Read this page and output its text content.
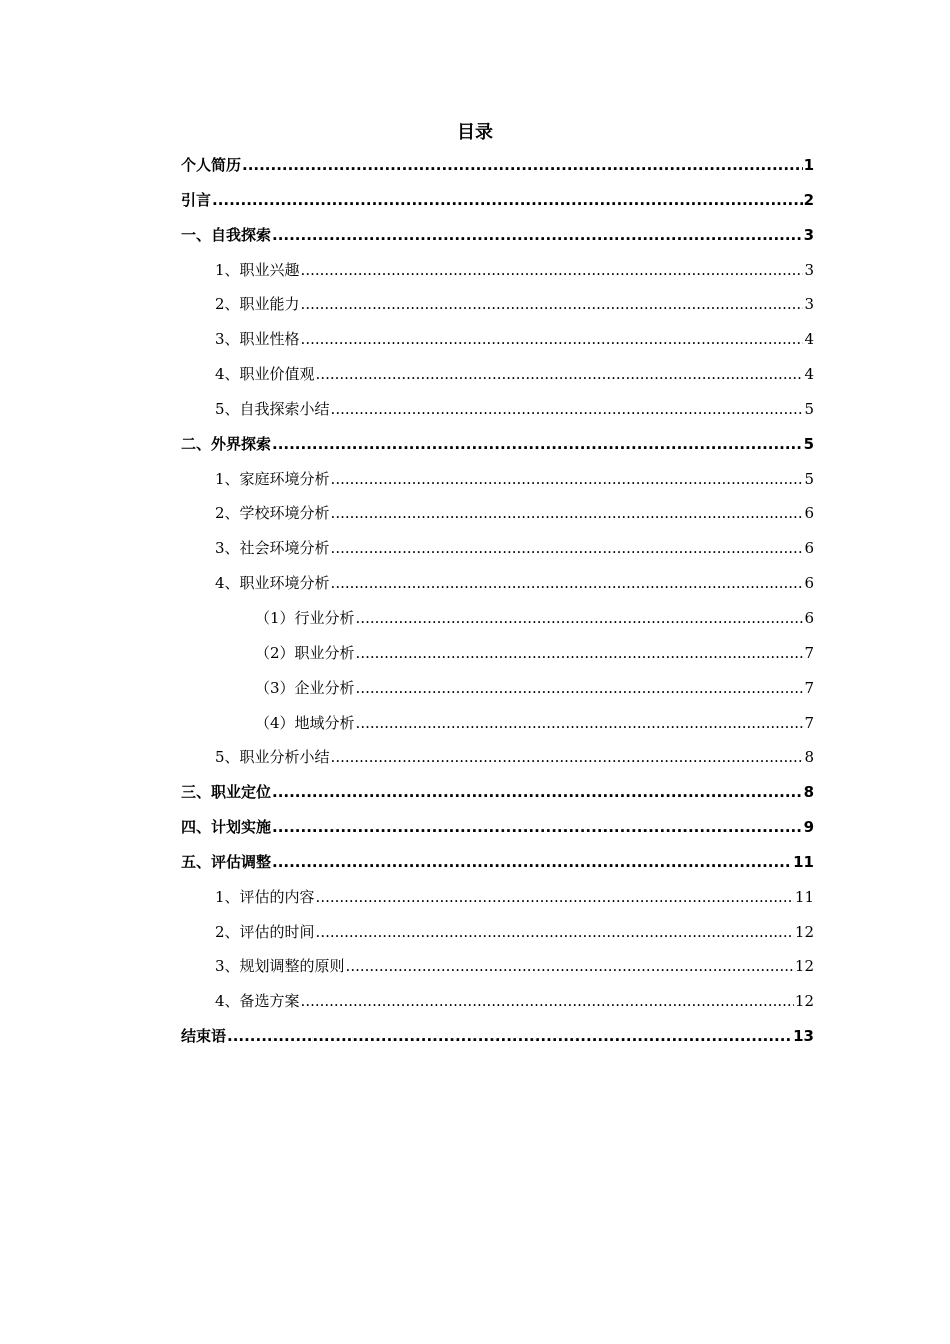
目录
个人简历 .....	1
引言 .....	2
一、自我探索 .....	3
1、职业兴趣 .....	3
2、职业能力 .....	3
3、职业性格 .....	4
4、职业价值观 .....	4
5、自我探索小结 .....	5
二、外界探索 .....	5
1、家庭环境分析 .....	5
2、学校环境分析 .....	6
3、社会环境分析 .....	6
4、职业环境分析 .....	6
（1）行业分析 .....	6
（2）职业分析 .....	7
（3）企业分析 .....	7
（4）地域分析 .....	7
5、职业分析小结 .....	8
三、职业定位 .....	8
四、计划实施 .....	9
五、评估调整 .....	11
1、评估的内容 .....	11
2、评估的时间 .....	12
3、规划调整的原则 .....	12
4、备选方案 .....	12
结束语 .....	13
